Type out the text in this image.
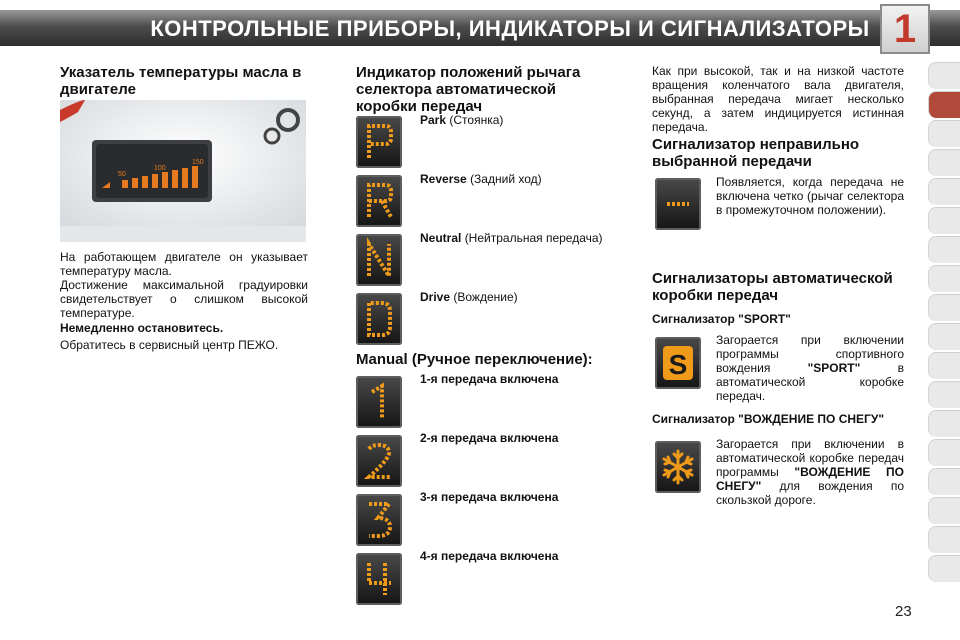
КОНТРОЛЬНЫЕ ПРИБОРЫ, ИНДИКАТОРЫ И СИГНАЛИЗАТОРЫ 1
Указатель температуры масла в двигателе
50
100
150

На работающем двигателе он указывает температуру масла.

Достижение максимальной градуировки свидетельствует о слишком высокой температуре.

Немедленно остановитесь.

Обратитесь в сервисный центр ПЕЖО.

Индикатор положений рычага селектора автоматической коробки передач
Park (Стоянка)
Reverse (Задний ход)
Neutral (Нейтральная передача)
Drive (Вождение)
Manual (Ручное переключение):
1-я передача включена
2-я передача включена
3-я передача включена
4-я передача включена

Как при высокой, так и на низкой частоте вращения коленчатого вала двигателя, выбранная передача мигает несколько секунд, а затем индицируется истинная передача.

Сигнализатор неправильно выбранной передачи

Появляется, когда передача не включена четко (рычаг селектора в промежуточном положении).

Сигнализаторы автоматической коробки передач
Сигнализатор "SPORT"
S

Загорается при включении программы спортивного вождения "SPORT" в автоматической коробке передач.

Сигнализатор "ВОЖДЕНИЕ ПО СНЕГУ"

Загорается при включении в автоматической коробке передач программы "ВОЖДЕНИЕ ПО СНЕГУ" для вождения по скользкой дороге.

23
